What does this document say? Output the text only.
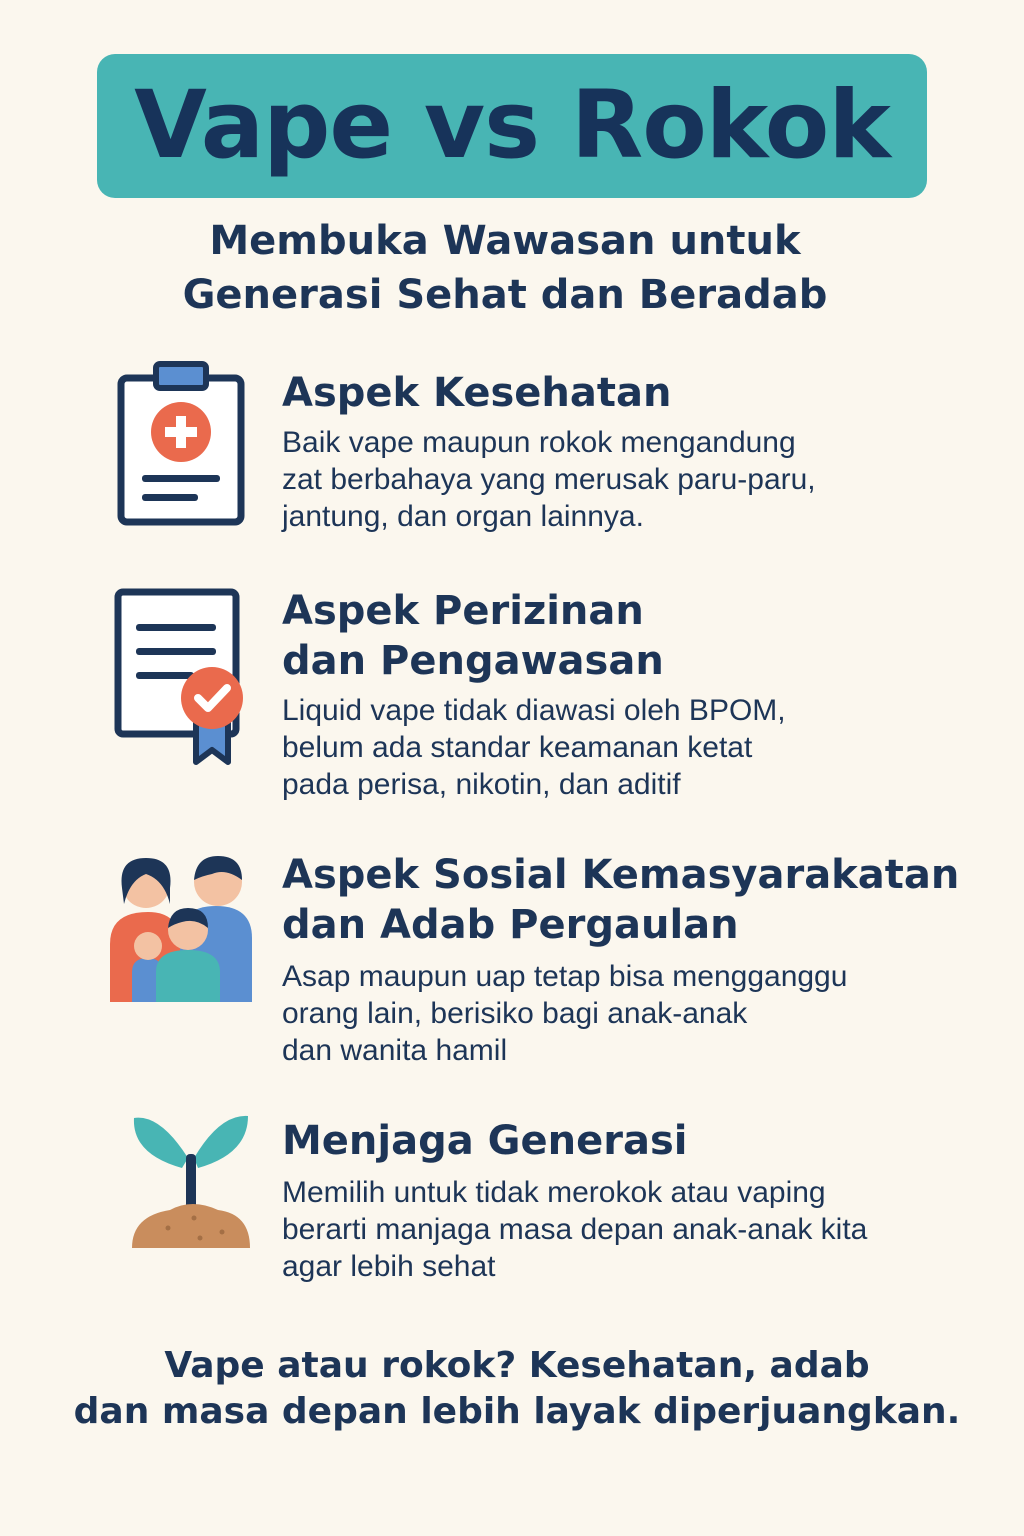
Vape vs Rokok
Membuka Wawasan untuk
Generasi Sehat dan Beradab
Aspek Kesehatan
Baik vape maupun rokok mengandung
zat berbahaya yang merusak paru-paru,
jantung, dan organ lainnya.
Aspek Perizinan
dan Pengawasan
Liquid vape tidak diawasi oleh BPOM,
belum ada standar keamanan ketat
pada perisa, nikotin, dan aditif
Aspek Sosial Kemasyarakatan
dan Adab Pergaulan
Asap maupun uap tetap bisa mengganggu
orang lain, berisiko bagi anak-anak
dan wanita hamil
Menjaga Generasi
Memilih untuk tidak merokok atau vaping
berarti manjaga masa depan anak-anak kita
agar lebih sehat
Vape atau rokok? Kesehatan, adab
dan masa depan lebih layak diperjuangkan.
